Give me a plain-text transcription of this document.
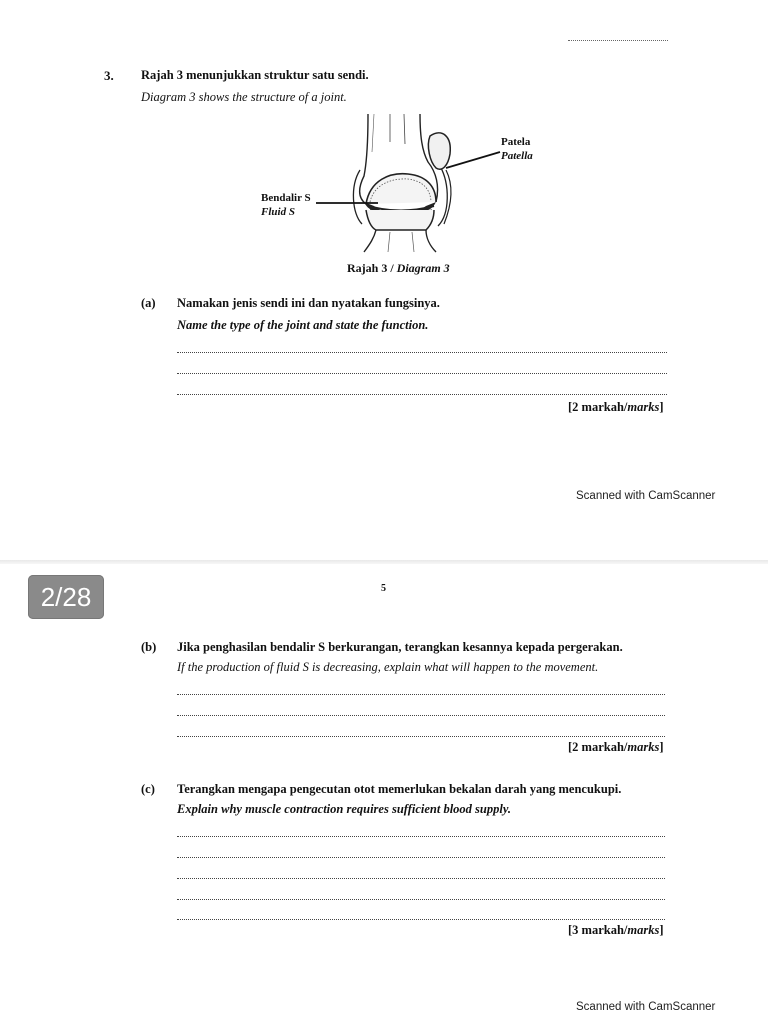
3. Rajah 3 menunjukkan struktur satu sendi.
Diagram 3 shows the structure of a joint.
Patela
Patella
Bendalir S
Fluid S
Rajah 3 / Diagram 3
(a) Namakan jenis sendi ini dan nyatakan fungsinya.
Name the type of the joint and state the function.
[2 markah/marks]
Scanned with CamScanner
5
(b) Jika penghasilan bendalir S berkurangan, terangkan kesannya kepada pergerakan.
If the production of fluid S is decreasing, explain what will happen to the movement.
[2 markah/marks]
(c) Terangkan mengapa pengecutan otot memerlukan bekalan darah yang mencukupi.
Explain why muscle contraction requires sufficient blood supply.
[3 markah/marks]
Scanned with CamScanner
2/28
